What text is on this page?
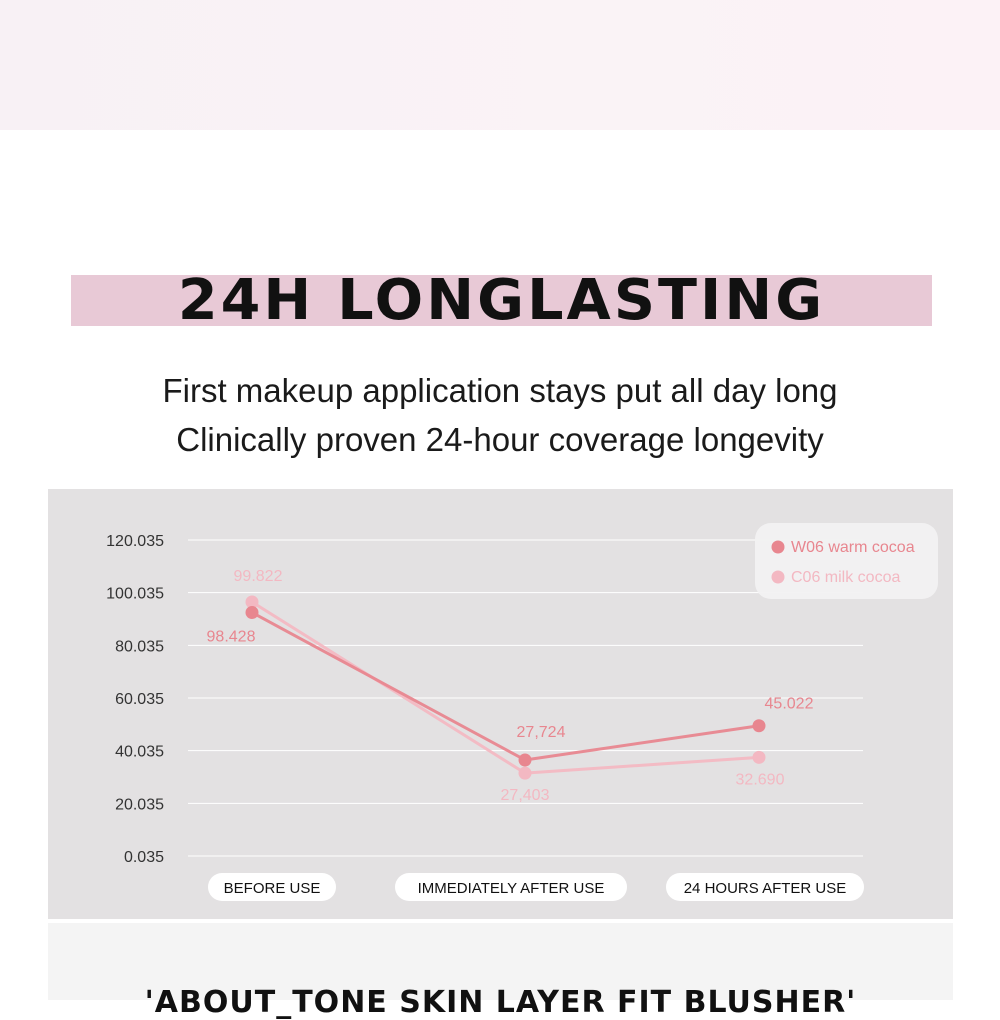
24H LONGLASTING
First makeup application stays put all day long
Clinically proven 24-hour coverage longevity
0.035
20.035
40.035
60.035
80.035
100.035
120.035
BEFORE USE	IMMEDIATELY AFTER USE	24 HOURS AFTER USE
98.428
27,724
45.022
99.822
27,403
32.690
W06 warm cocoa
C06 milk cocoa
'ABOUT_TONE SKIN LAYER FIT BLUSHER'
